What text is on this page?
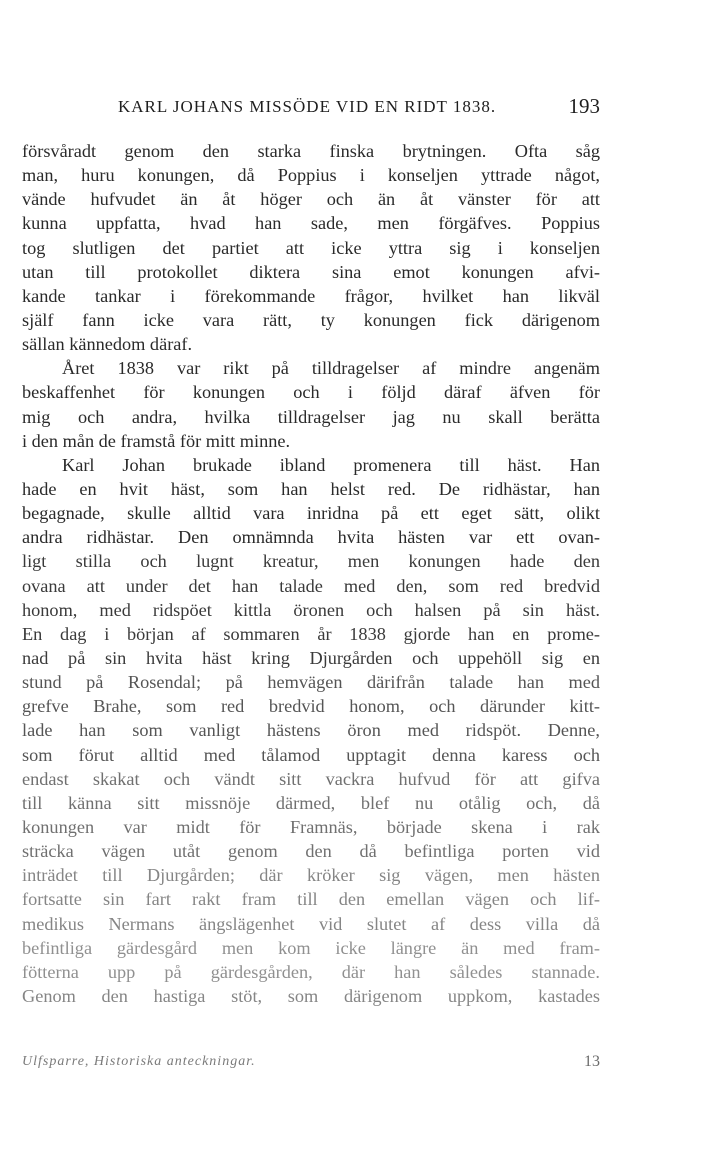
KARL JOHANS MISSÖDE VID EN RIDT 1838.	193
försvåradt genom den starka finska brytningen. Ofta såg
man, huru konungen, då Poppius i konseljen yttrade något,
vände hufvudet än åt höger och än åt vänster för att
kunna uppfatta, hvad han sade, men förgäfves. Poppius
tog slutligen det partiet att icke yttra sig i konseljen
utan till protokollet diktera sina emot konungen afvi-
kande tankar i förekommande frågor, hvilket han likväl
själf fann icke vara rätt, ty konungen fick därigenom
sällan kännedom däraf.
Året 1838 var rikt på tilldragelser af mindre angenäm
beskaffenhet för konungen och i följd däraf äfven för
mig och andra, hvilka tilldragelser jag nu skall berätta
i den mån de framstå för mitt minne.
Karl Johan brukade ibland promenera till häst. Han
hade en hvit häst, som han helst red. De ridhästar, han
begagnade, skulle alltid vara inridna på ett eget sätt, olikt
andra ridhästar. Den omnämnda hvita hästen var ett ovan-
ligt stilla och lugnt kreatur, men konungen hade den
ovana att under det han talade med den, som red bredvid
honom, med ridspöet kittla öronen och halsen på sin häst.
En dag i början af sommaren år 1838 gjorde han en prome-
nad på sin hvita häst kring Djurgården och uppehöll sig en
stund på Rosendal; på hemvägen därifrån talade han med
grefve Brahe, som red bredvid honom, och därunder kitt-
lade han som vanligt hästens öron med ridspöt. Denne,
som förut alltid med tålamod upptagit denna karess och
endast skakat och vändt sitt vackra hufvud för att gifva
till känna sitt missnöje därmed, blef nu otålig och, då
konungen var midt för Framnäs, började skena i rak
sträcka vägen utåt genom den då befintliga porten vid
inträdet till Djurgården; där kröker sig vägen, men hästen
fortsatte sin fart rakt fram till den emellan vägen och lif-
medikus Nermans ängslägenhet vid slutet af dess villa då
befintliga gärdesgård men kom icke längre än med fram-
fötterna upp på gärdesgården, där han således stannade.
Genom den hastiga stöt, som därigenom uppkom, kastades
Ulfsparre, Historiska anteckningar.	13
